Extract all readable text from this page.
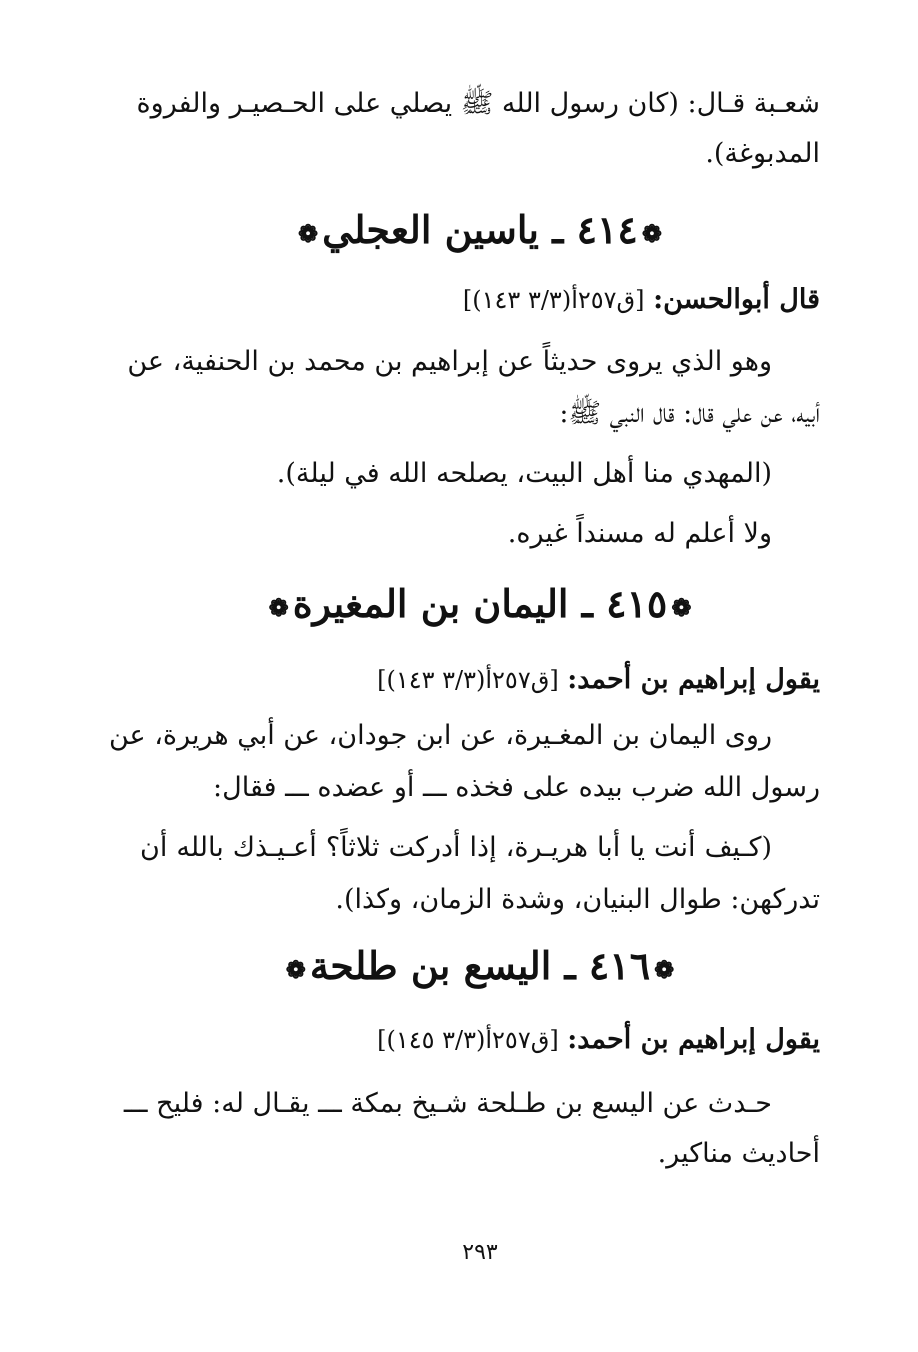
شعـبة قـال: (كان رسول الله ﷺ يصلي على الحـصيـر والفروة
المدبوغة).
❁٤١٤ ـ ياسين العجلي❁
قال أبوالحسن: [ق٢٥٧أ(٣/٣ ١٤٣)]
وهو الذي يروى حديثاً عن إبراهيم بن محمد بن الحنفية، عن
أبيه، عن علي قال: قال النبي ﷺ:
(المهدي منا أهل البيت، يصلحه الله في ليلة).
ولا أعلم له مسنداً غيره.
❁٤١٥ ـ اليمان بن المغيرة❁
يقول إبراهيم بن أحمد: [ق٢٥٧أ(٣/٣ ١٤٣)]
روى اليمان بن المغـيرة، عن ابن جودان، عن أبي هريرة، عن
رسول الله ضرب بيده على فخذه ـــ أو عضده ـــ فقال:
(كـيف أنت يا أبا هريـرة، إذا أدركت ثلاثاً؟ أعـيـذك بالله أن
تدركهن: طوال البنيان، وشدة الزمان، وكذا).
❁٤١٦ ـ اليسع بن طلحة❁
يقول إبراهيم بن أحمد: [ق٢٥٧أ(٣/٣ ١٤٥)]
حـدث عن اليسع بن طـلحة شـيخ بمكة ـــ يقـال له: فليح ـــ
أحاديث مناكير.
٢٩٣
